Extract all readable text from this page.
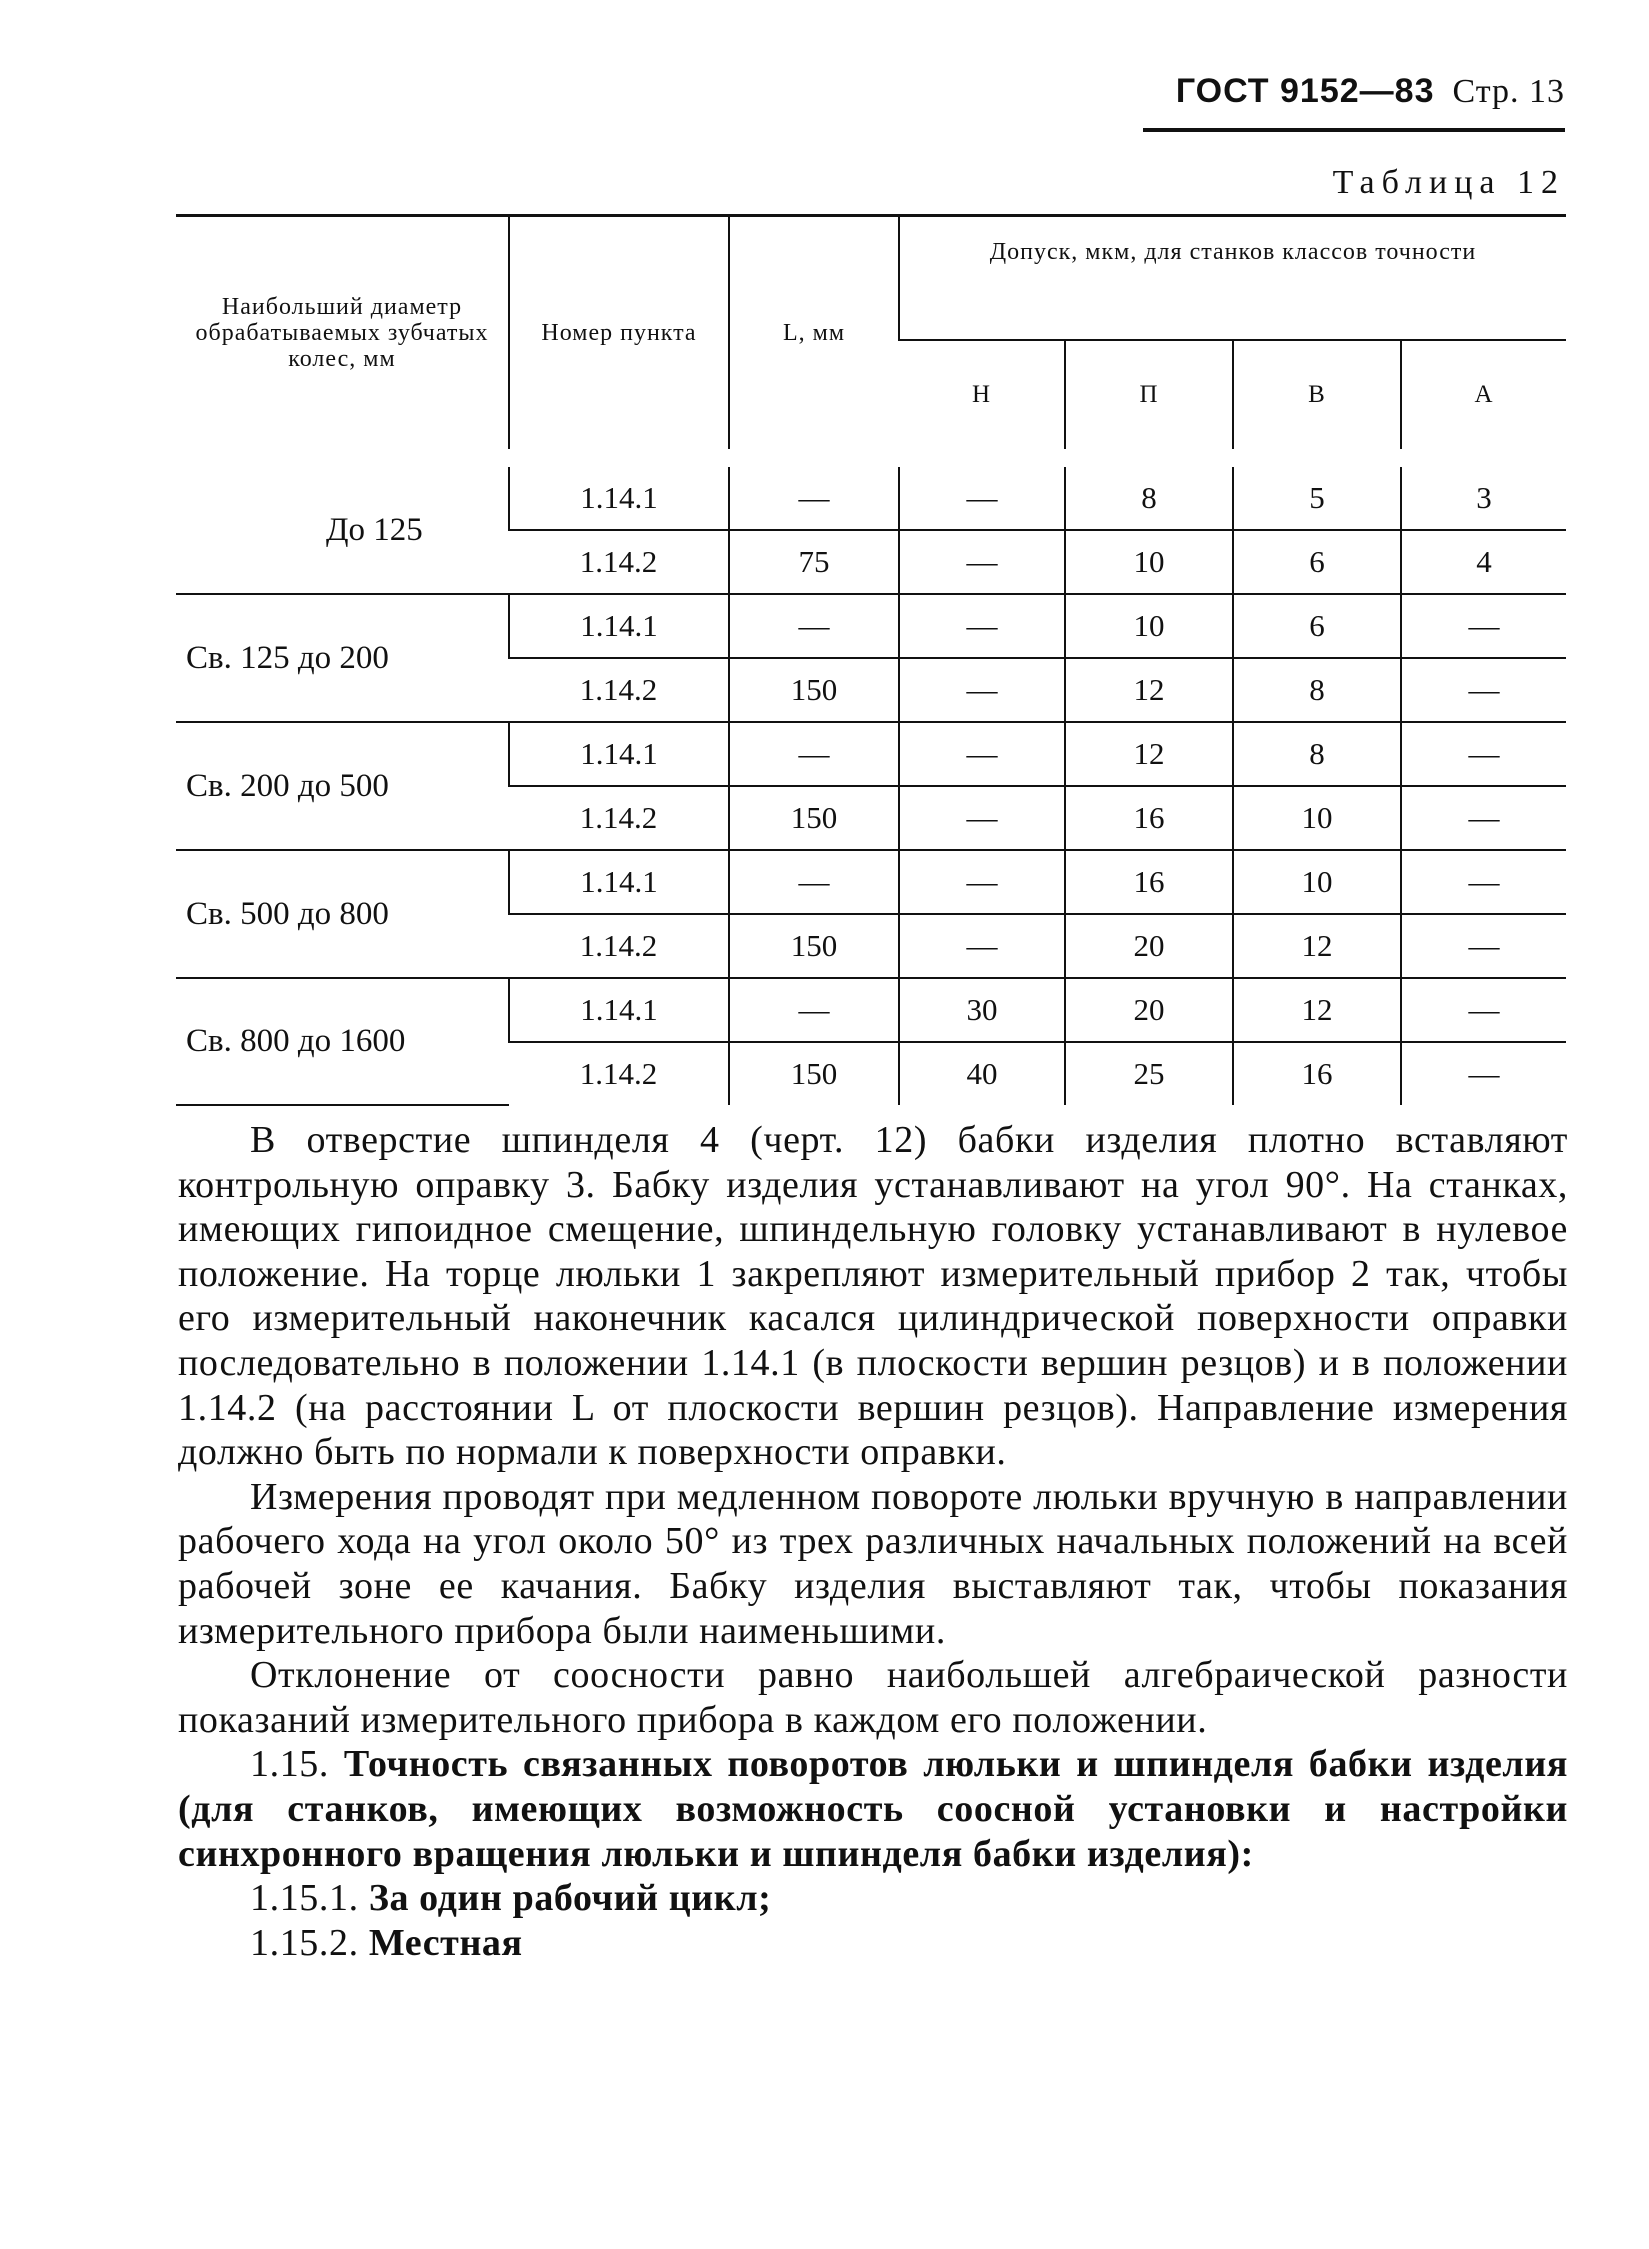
ГОСТ 9152—83 Стр. 13
Таблица 12
Наибольший диаметр обрабатываемых зубчатых колес, мм	Номер пункта	L, мм	Допуск, мкм, для станков классов точности			
			Н	П	В	А
До 125	1.14.1	—	—	8	5	3
	1.14.2	75	—	10	6	4
Св. 125 до 200	1.14.1	—	—	10	6	—
	1.14.2	150	—	12	8	—
Св. 200 до 500	1.14.1	—	—	12	8	—
	1.14.2	150	—	16	10	—
Св. 500 до 800	1.14.1	—	—	16	10	—
	1.14.2	150	—	20	12	—
Св. 800 до 1600	1.14.1	—	30	20	12	—
	1.14.2	150	40	25	16	—

В отверстие шпинделя 4 (черт. 12) бабки изделия плотно вставляют контрольную оправку 3. Бабку изделия устанавливают на угол 90°. На станках, имеющих гипоидное смещение, шпиндельную головку устанавливают в нулевое положение. На торце люльки 1 закрепляют измерительный прибор 2 так, чтобы его измерительный наконечник касался цилиндрической поверхности оправки последовательно в положении 1.14.1 (в плоскости вершин резцов) и в положении 1.14.2 (на расстоянии L от плоскости вершин резцов). Направление измерения должно быть по нормали к поверхности оправки.

Измерения проводят при медленном повороте люльки вручную в направлении рабочего хода на угол около 50° из трех различных начальных положений на всей рабочей зоне ее качания. Бабку изделия выставляют так, чтобы показания измерительного прибора были наименьшими.

Отклонение от соосности равно наибольшей алгебраической разности показаний измерительного прибора в каждом его положении.

1.15. Точность связанных поворотов люльки и шпинделя бабки изделия (для станков, имеющих возможность соосной установки и настройки синхронного вращения люльки и шпинделя бабки изделия):

1.15.1. За один рабочий цикл;

1.15.2. Местная
